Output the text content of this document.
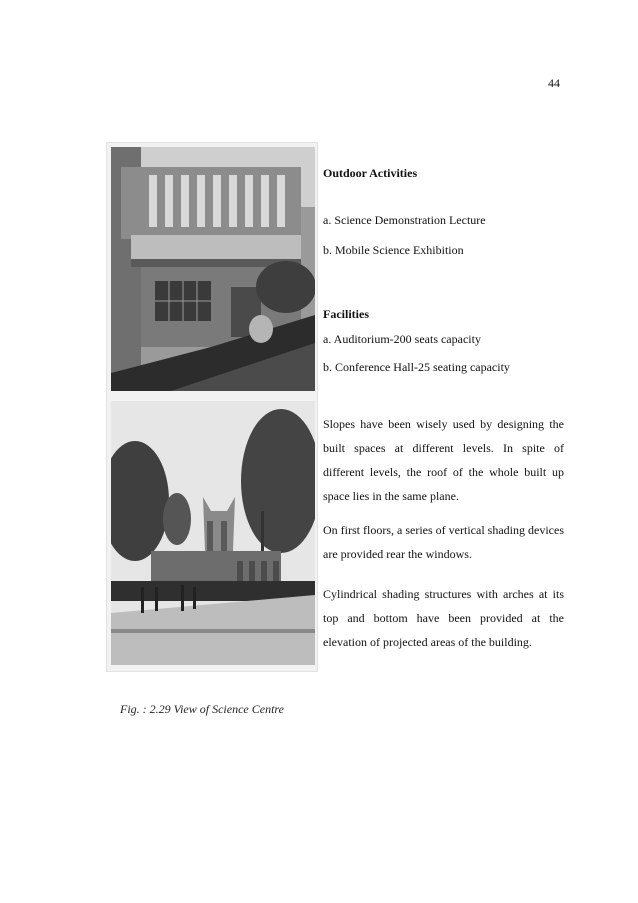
44
Fig. : 2.29 View of Science Centre
Outdoor Activities
a. Science Demonstration Lecture
b. Mobile Science Exhibition
Facilities
a. Auditorium-200 seats capacity
b. Conference Hall-25 seating capacity
Slopes have been wisely used by designing the built spaces at different levels. In spite of different levels, the roof of the whole built up space lies in the same plane.
On first floors, a series of vertical shading devices are provided rear the windows.
Cylindrical shading structures with arches at its top and bottom have been provided at the elevation of projected areas of the building.
